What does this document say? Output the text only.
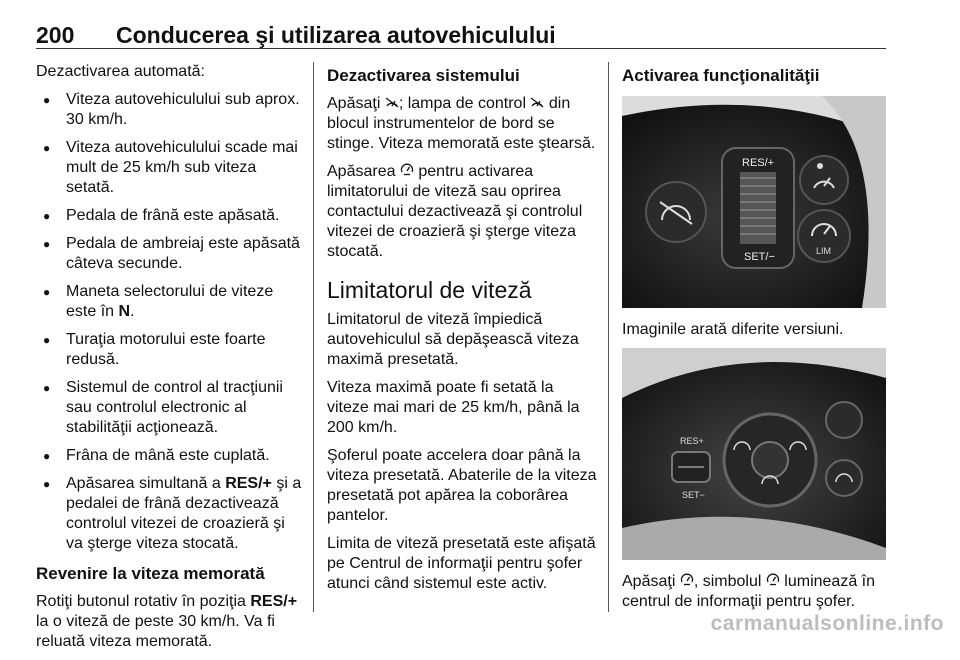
200 Conducerea şi utilizarea autovehiculului

Dezactivarea automată:

● Viteza autovehiculului sub aprox. 30 km/h.
● Viteza autovehiculului scade mai mult de 25 km/h sub viteza setată.
● Pedala de frână este apăsată.
● Pedala de ambreiaj este apăsată câteva secunde.
● Maneta selectorului de viteze este în N.
● Turaţia motorului este foarte redusă.
● Sistemul de control al tracţiunii sau controlul electronic al stabilităţii acţionează.
● Frâna de mână este cuplată.
● Apăsarea simultană a RES/+ şi a pedalei de frână dezactivează controlul vitezei de croazieră şi va şterge viteza stocată.
Revenire la viteza memorată

Rotiţi butonul rotativ în poziţia RES/+ la o viteză de peste 30 km/h. Va fi reluată viteza memorată.

Dezactivarea sistemului

Apăsaţi ; lampa de control  din blocul instrumentelor de bord se stinge. Viteza memorată este ştearsă.

Apăsarea  pentru activarea limitatorului de viteză sau oprirea contactului dezactivează şi controlul vitezei de croazieră şi şterge viteza stocată.

Limitatorul de viteză

Limitatorul de viteză împiedică autovehiculul să depăşească viteza maximă presetată.

Viteza maximă poate fi setată la viteze mai mari de 25 km/h, până la 200 km/h.

Şoferul poate accelera doar până la viteza presetată. Abaterile de la viteza presetată pot apărea la coborârea pantelor.

Limita de viteză presetată este afişată pe Centrul de informaţii pentru şofer atunci când sistemul este activ.

Activarea funcţionalităţii
RES/+
SET/−	LIM

Imaginile arată diferite versiuni.

RES+
SET−

Apăsaţi , simbolul  luminează în centrul de informaţii pentru şofer.

carmanualsonline.info
